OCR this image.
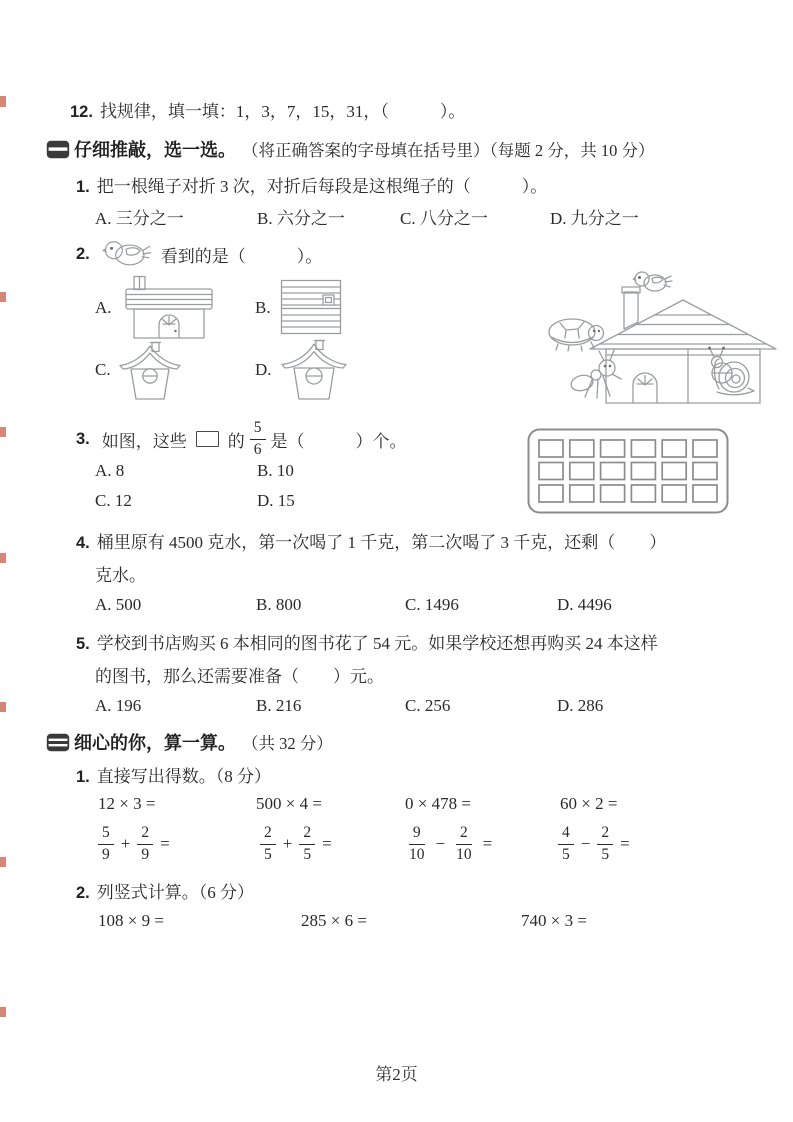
12. 找规律，填一填：1，3，7，15，31，（　　　）。
仔细推敲，选一选。 （将正确答案的字母填在括号里）（每题 2 分，共 10 分）
1. 把一根绳子对折 3 次，对折后每段是这根绳子的（　　　）。
A. 三分之一	B. 六分之一	C. 八分之一	D. 九分之一
2.	看到的是（　　　）。
A.	B.
C.	D.
3. 如图，这些 的 $\frac{5}{6}$ 是（　　　）个。
A. 8	B. 10
C. 12	D. 15
4. 桶里原有 4500 克水，第一次喝了 1 千克，第二次喝了 3 千克，还剩（　　）
克水。
A. 500	B. 800	C. 1496	D. 4496
5. 学校到书店购买 6 本相同的图书花了 54 元。如果学校还想再购买 24 本这样
的图书，那么还需要准备（　　）元。
A. 196	B. 216	C. 256	D. 286
细心的你，算一算。 （共 32 分）
1. 直接写出得数。（8 分）
12 × 3 =	500 × 4 =	0 × 478 =	60 × 2 =
$\frac{5}{9} + \frac{2}{9}$ =	$\frac{2}{5} + \frac{2}{5}$ =	$\frac{9}{10} - \frac{2}{10}$ =	$\frac{4}{5} - \frac{2}{5}$ =
2. 列竖式计算。（6 分）
108 × 9 =	285 × 6 =	740 × 3 =
第2页
